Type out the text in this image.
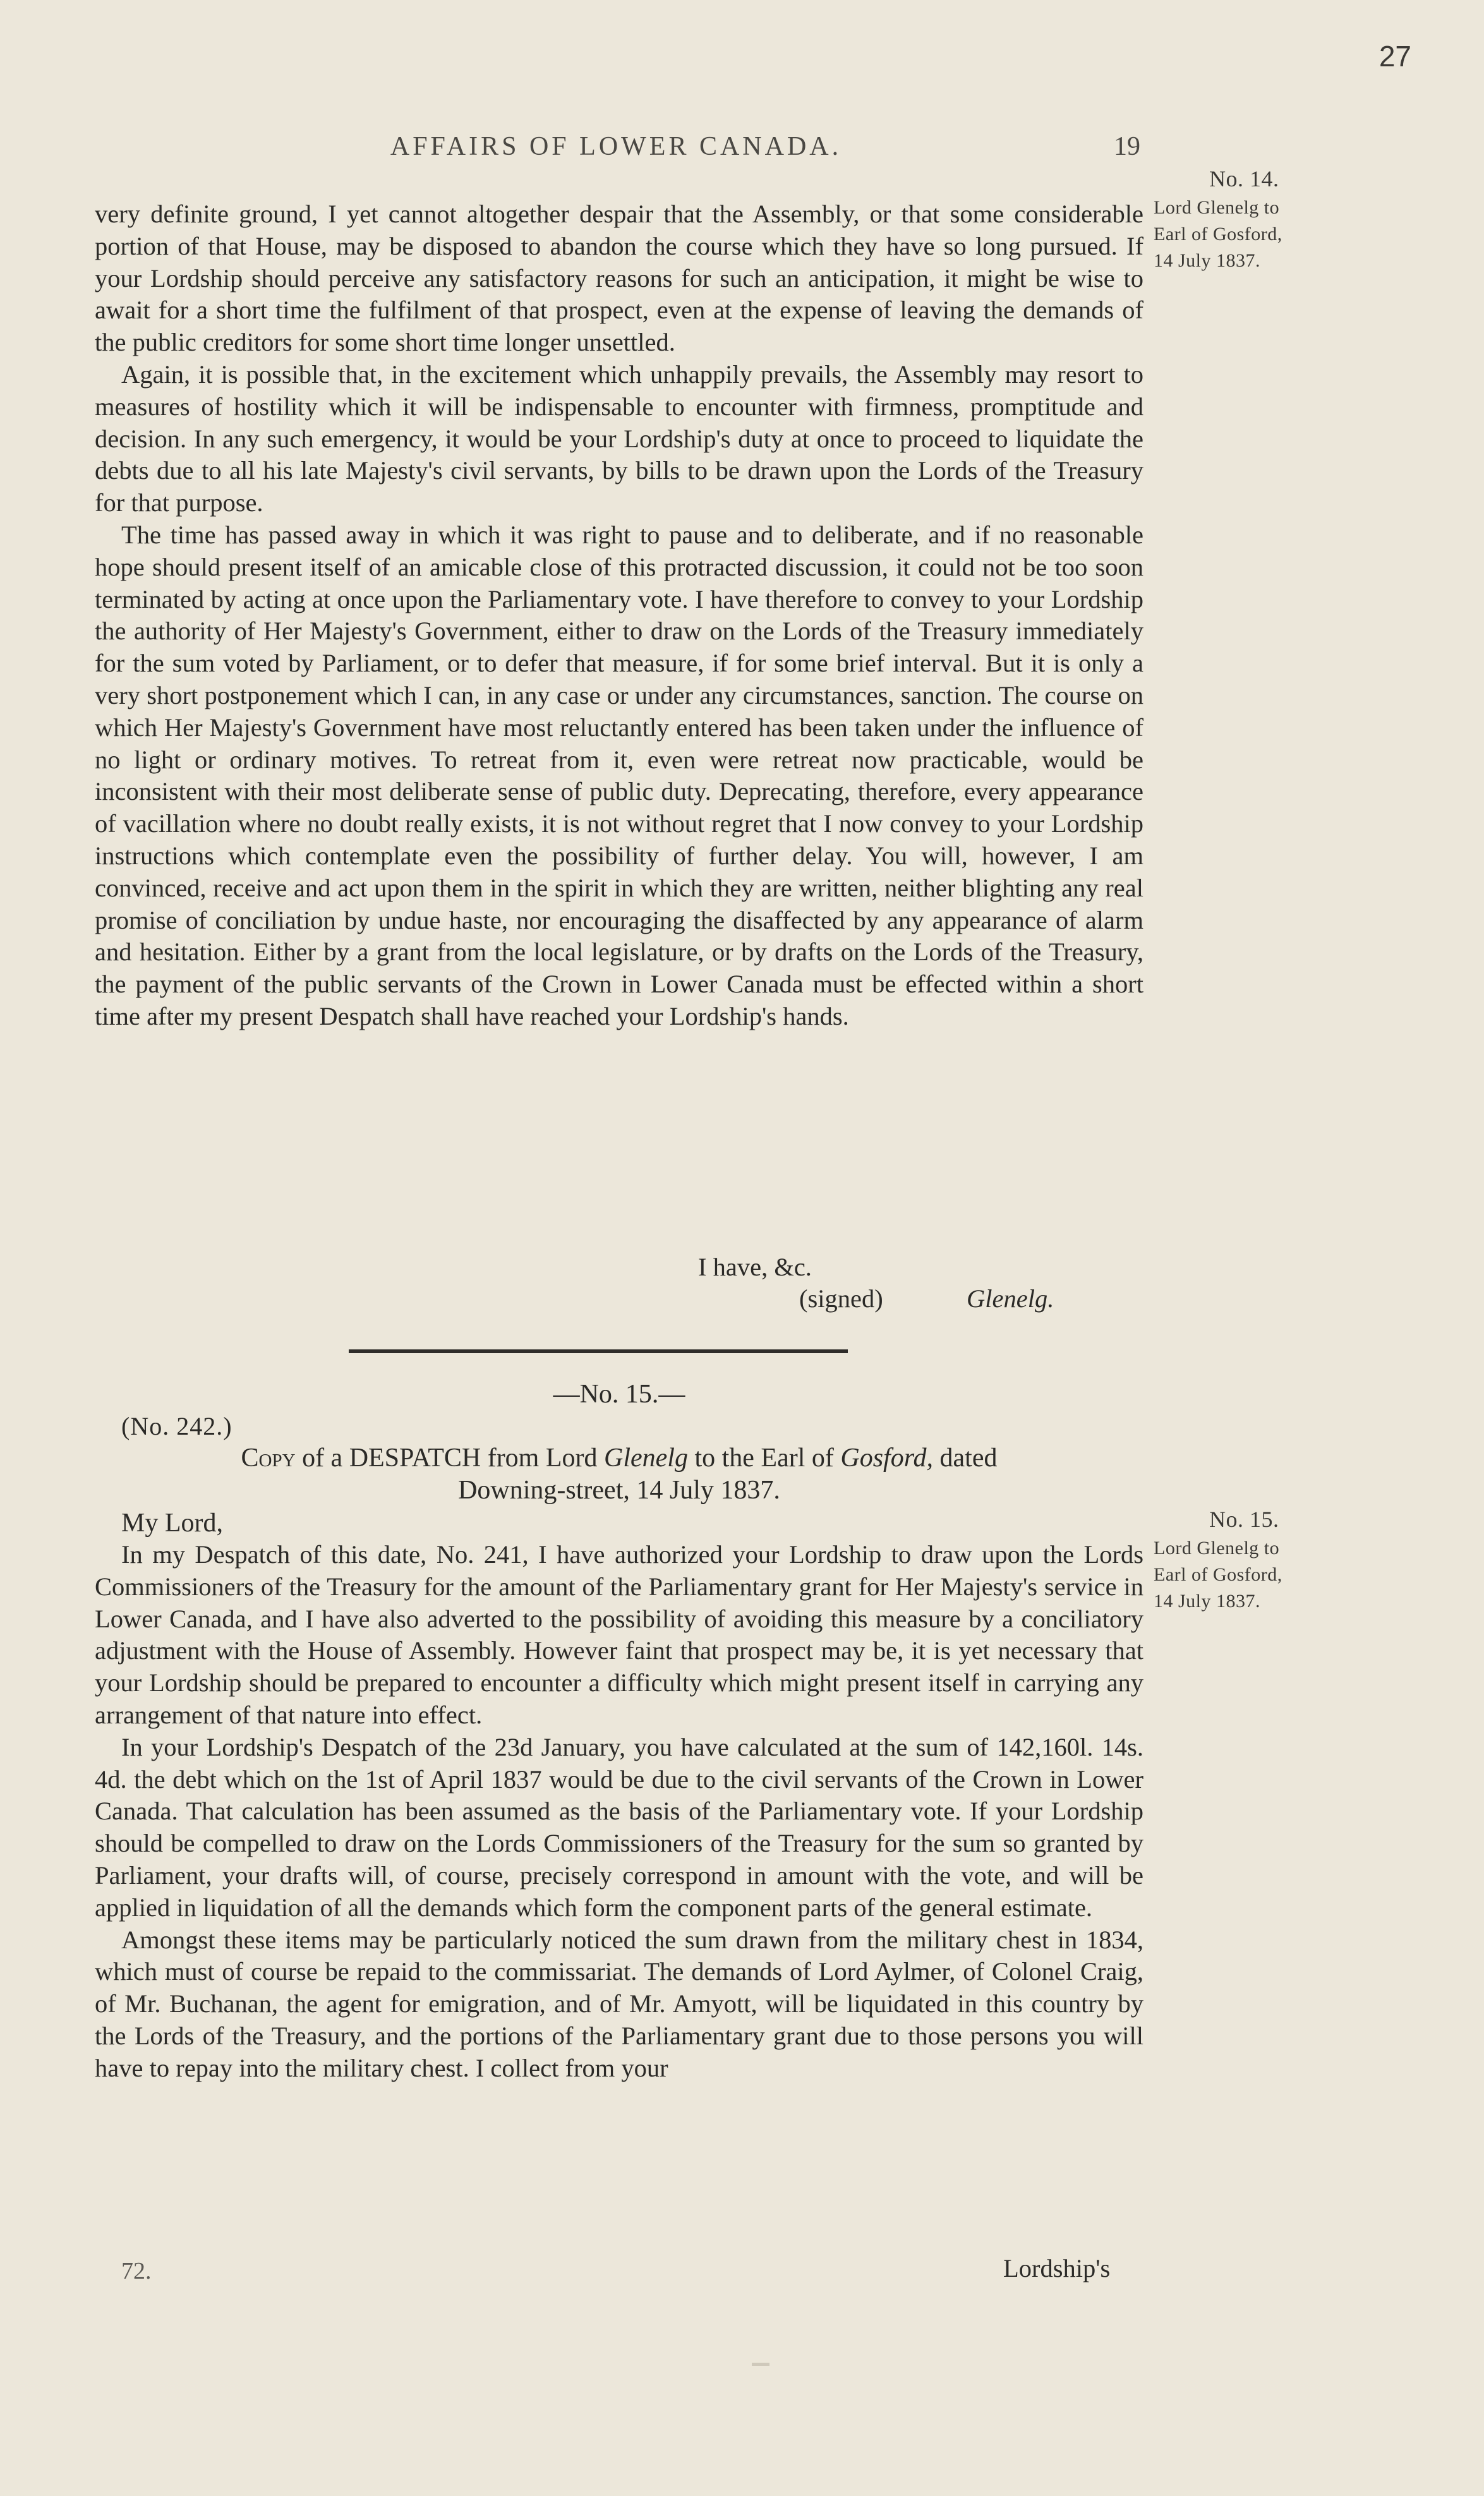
27
AFFAIRS OF LOWER CANADA.	19
No. 14.
Lord Glenelg to
Earl of Gosford,
14 July 1837.

very definite ground, I yet cannot altogether despair that the Assembly, or that some considerable portion of that House, may be disposed to abandon the course which they have so long pursued. If your Lordship should perceive any satisfactory reasons for such an anticipation, it might be wise to await for a short time the fulfilment of that prospect, even at the expense of leaving the demands of the public creditors for some short time longer unsettled.

Again, it is possible that, in the excitement which unhappily prevails, the Assembly may resort to measures of hostility which it will be indispensable to encounter with firmness, promptitude and decision. In any such emergency, it would be your Lordship's duty at once to proceed to liquidate the debts due to all his late Majesty's civil servants, by bills to be drawn upon the Lords of the Treasury for that purpose.

The time has passed away in which it was right to pause and to deliberate, and if no reasonable hope should present itself of an amicable close of this protracted discussion, it could not be too soon terminated by acting at once upon the Parliamentary vote. I have therefore to convey to your Lordship the authority of Her Majesty's Government, either to draw on the Lords of the Treasury immediately for the sum voted by Parliament, or to defer that measure, if for some brief interval. But it is only a very short postponement which I can, in any case or under any circumstances, sanction. The course on which Her Majesty's Government have most reluctantly entered has been taken under the influence of no light or ordinary motives. To retreat from it, even were retreat now practicable, would be inconsistent with their most deliberate sense of public duty. Deprecating, therefore, every appearance of vacillation where no doubt really exists, it is not without regret that I now convey to your Lordship instructions which contemplate even the possibility of further delay. You will, however, I am convinced, receive and act upon them in the spirit in which they are written, neither blighting any real promise of conciliation by undue haste, nor encouraging the disaffected by any appearance of alarm and hesitation. Either by a grant from the local legislature, or by drafts on the Lords of the Treasury, the payment of the public servants of the Crown in Lower Canada must be effected within a short time after my present Despatch shall have reached your Lordship's hands.

I have, &c.
(signed)	Glenelg.
—No. 15.—
(No. 242.)
Copy of a DESPATCH from Lord Glenelg to the Earl of Gosford, dated
Downing-street, 14 July 1837.
My Lord,	No. 15.
Lord Glenelg to
Earl of Gosford,
14 July 1837.

In my Despatch of this date, No. 241, I have authorized your Lordship to draw upon the Lords Commissioners of the Treasury for the amount of the Parliamentary grant for Her Majesty's service in Lower Canada, and I have also adverted to the possibility of avoiding this measure by a conciliatory adjustment with the House of Assembly. However faint that prospect may be, it is yet necessary that your Lordship should be prepared to encounter a difficulty which might present itself in carrying any arrangement of that nature into effect.

In your Lordship's Despatch of the 23d January, you have calculated at the sum of 142,160l. 14s. 4d. the debt which on the 1st of April 1837 would be due to the civil servants of the Crown in Lower Canada. That calculation has been assumed as the basis of the Parliamentary vote. If your Lordship should be compelled to draw on the Lords Commissioners of the Treasury for the sum so granted by Parliament, your drafts will, of course, precisely correspond in amount with the vote, and will be applied in liquidation of all the demands which form the component parts of the general estimate.

Amongst these items may be particularly noticed the sum drawn from the military chest in 1834, which must of course be repaid to the commissariat. The demands of Lord Aylmer, of Colonel Craig, of Mr. Buchanan, the agent for emigration, and of Mr. Amyott, will be liquidated in this country by the Lords of the Treasury, and the portions of the Parliamentary grant due to those persons you will have to repay into the military chest. I collect from your

72.	Lordship's
